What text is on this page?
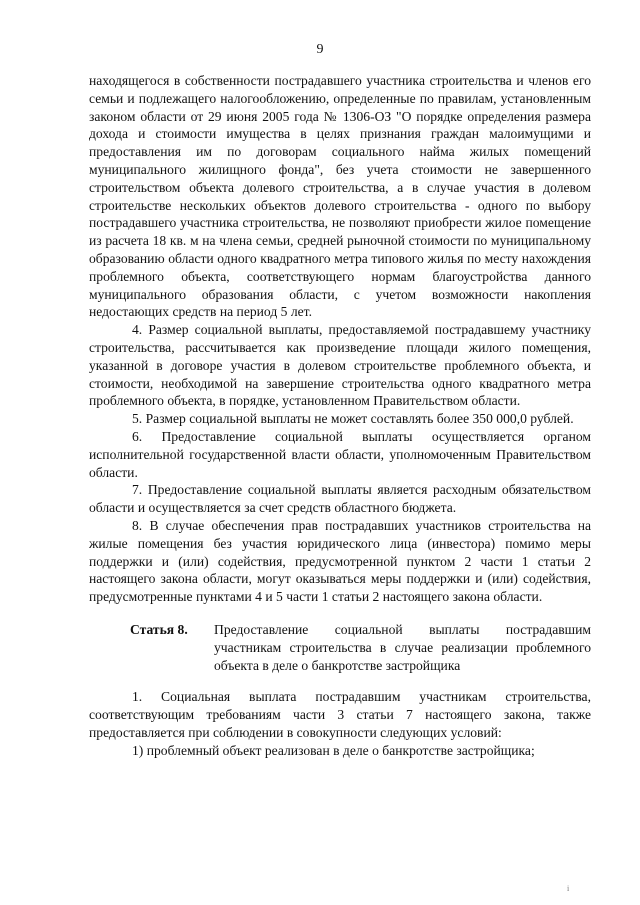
9

находящегося в собственности пострадавшего участника строительства и членов его семьи и подлежащего налогообложению, определенные по правилам, установленным законом области от 29 июня 2005 года № 1306-ОЗ "О порядке определения размера дохода и стоимости имущества в целях признания граждан малоимущими и предоставления им по договорам социального найма жилых помещений муниципального жилищного фонда", без учета стоимости не завершенного строительством объекта долевого строительства, а в случае участия в долевом строительстве нескольких объектов долевого строительства - одного по выбору пострадавшего участника строительства, не позволяют приобрести жилое помещение из расчета 18 кв. м на члена семьи, средней рыночной стоимости по муниципальному образованию области одного квадратного метра типового жилья по месту нахождения проблемного объекта, соответствующего нормам благоустройства данного муниципального образования области, с учетом возможности накопления недостающих средств на период 5 лет.

4. Размер социальной выплаты, предоставляемой пострадавшему участнику строительства, рассчитывается как произведение площади жилого помещения, указанной в договоре участия в долевом строительстве проблемного объекта, и стоимости, необходимой на завершение строительства одного квадратного метра проблемного объекта, в порядке, установленном Правительством области.

5. Размер социальной выплаты не может составлять более 350 000,0 рублей.

6. Предоставление социальной выплаты осуществляется органом исполнительной государственной власти области, уполномоченным Правительством области.

7. Предоставление социальной выплаты является расходным обязательством области и осуществляется за счет средств областного бюджета.

8. В случае обеспечения прав пострадавших участников строительства на жилые помещения без участия юридического лица (инвестора) помимо меры поддержки и (или) содействия, предусмотренной пунктом 2 части 1 статьи 2 настоящего закона области, могут оказываться меры поддержки и (или) содействия, предусмотренные пунктами 4 и 5 части 1 статьи 2 настоящего закона области.

Статья 8.	Предоставление социальной выплаты пострадавшим участникам строительства в случае реализации проблемного объекта в деле о банкротстве застройщика

1. Социальная выплата пострадавшим участникам строительства, соответствующим требованиям части 3 статьи 7 настоящего закона, также предоставляется при соблюдении в совокупности следующих условий:

1) проблемный объект реализован в деле о банкротстве застройщика;

i
